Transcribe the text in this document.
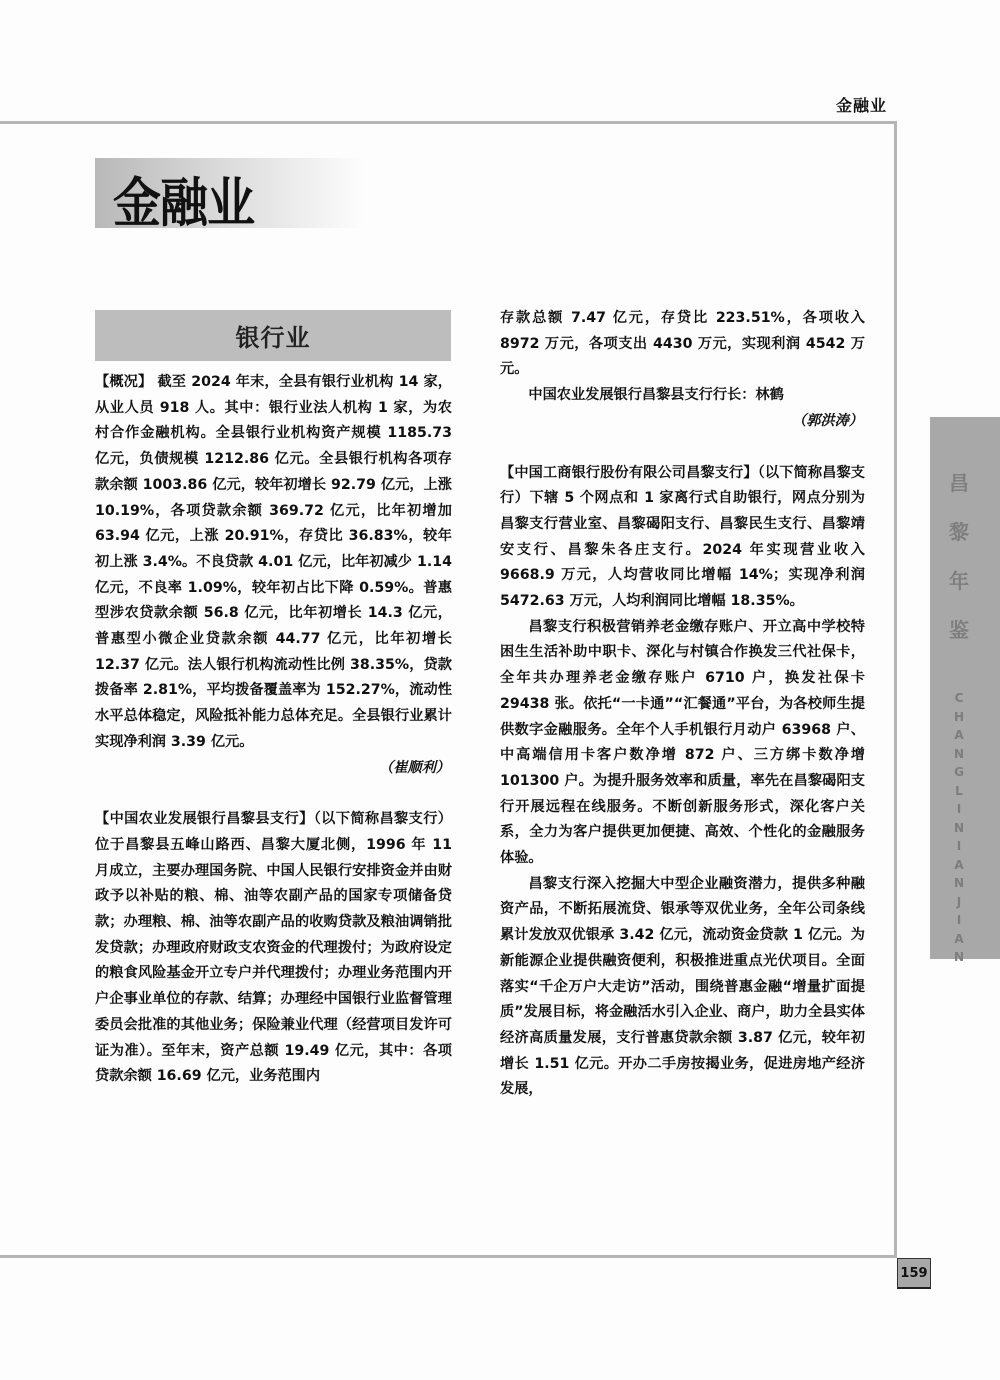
金融业
金融业
银行业

【概况】 截至 2024 年末，全县有银行业机构 14 家，从业人员 918 人。其中：银行业法人机构 1 家，为农村合作金融机构。全县银行业机构资产规模 1185.73 亿元，负债规模 1212.86 亿元。全县银行机构各项存款余额 1003.86 亿元，较年初增长 92.79 亿元，上涨 10.19%，各项贷款余额 369.72 亿元，比年初增加 63.94 亿元，上涨 20.91%，存贷比 36.83%，较年初上涨 3.4%。不良贷款 4.01 亿元，比年初减少 1.14 亿元，不良率 1.09%，较年初占比下降 0.59%。普惠型涉农贷款余额 56.8 亿元，比年初增长 14.3 亿元，普惠型小微企业贷款余额 44.77 亿元，比年初增长 12.37 亿元。法人银行机构流动性比例 38.35%，贷款拨备率 2.81%，平均拨备覆盖率为 152.27%，流动性水平总体稳定，风险抵补能力总体充足。全县银行业累计实现净利润 3.39 亿元。

（崔顺利）

【中国农业发展银行昌黎县支行】（以下简称昌黎支行）位于昌黎县五峰山路西、昌黎大厦北侧，1996 年 11 月成立，主要办理国务院、中国人民银行安排资金并由财政予以补贴的粮、棉、油等农副产品的国家专项储备贷款；办理粮、棉、油等农副产品的收购贷款及粮油调销批发贷款；办理政府财政支农资金的代理拨付；为政府设定的粮食风险基金开立专户并代理拨付；办理业务范围内开户企事业单位的存款、结算；办理经中国银行业监督管理委员会批准的其他业务；保险兼业代理（经营项目发许可证为准）。至年末，资产总额 19.49 亿元，其中：各项贷款余额 16.69 亿元，业务范围内

存款总额 7.47 亿元，存贷比 223.51%，各项收入 8972 万元，各项支出 4430 万元，实现利润 4542 万元。

中国农业发展银行昌黎县支行行长：林鹤

（郭洪涛）

【中国工商银行股份有限公司昌黎支行】（以下简称昌黎支行）下辖 5 个网点和 1 家离行式自助银行，网点分别为昌黎支行营业室、昌黎碣阳支行、昌黎民生支行、昌黎靖安支行、昌黎朱各庄支行。2024 年实现营业收入 9668.9 万元，人均营收同比增幅 14%；实现净利润 5472.63 万元，人均利润同比增幅 18.35%。

昌黎支行积极营销养老金缴存账户、开立高中学校特困生生活补助中职卡、深化与村镇合作换发三代社保卡，全年共办理养老金缴存账户 6710 户，换发社保卡 29438 张。依托“一卡通”“汇餐通”平台，为各校师生提供数字金融服务。全年个人手机银行月动户 63968 户、中高端信用卡客户数净增 872 户、三方绑卡数净增 101300 户。为提升服务效率和质量，率先在昌黎碣阳支行开展远程在线服务。不断创新服务形式，深化客户关系，全力为客户提供更加便捷、高效、个性化的金融服务体验。

昌黎支行深入挖掘大中型企业融资潜力，提供多种融资产品，不断拓展流贷、银承等双优业务，全年公司条线累计发放双优银承 3.42 亿元，流动资金贷款 1 亿元。为新能源企业提供融资便利，积极推进重点光伏项目。全面落实“千企万户大走访”活动，围绕普惠金融“增量扩面提质”发展目标，将金融活水引入企业、商户，助力全县实体经济高质量发展，支行普惠贷款余额 3.87 亿元，较年初增长 1.51 亿元。开办二手房按揭业务，促进房地产经济发展，

昌
黎
年
鉴
C
H
A
N
G
L
I
N
I
A
N
J
I
A
N
159
